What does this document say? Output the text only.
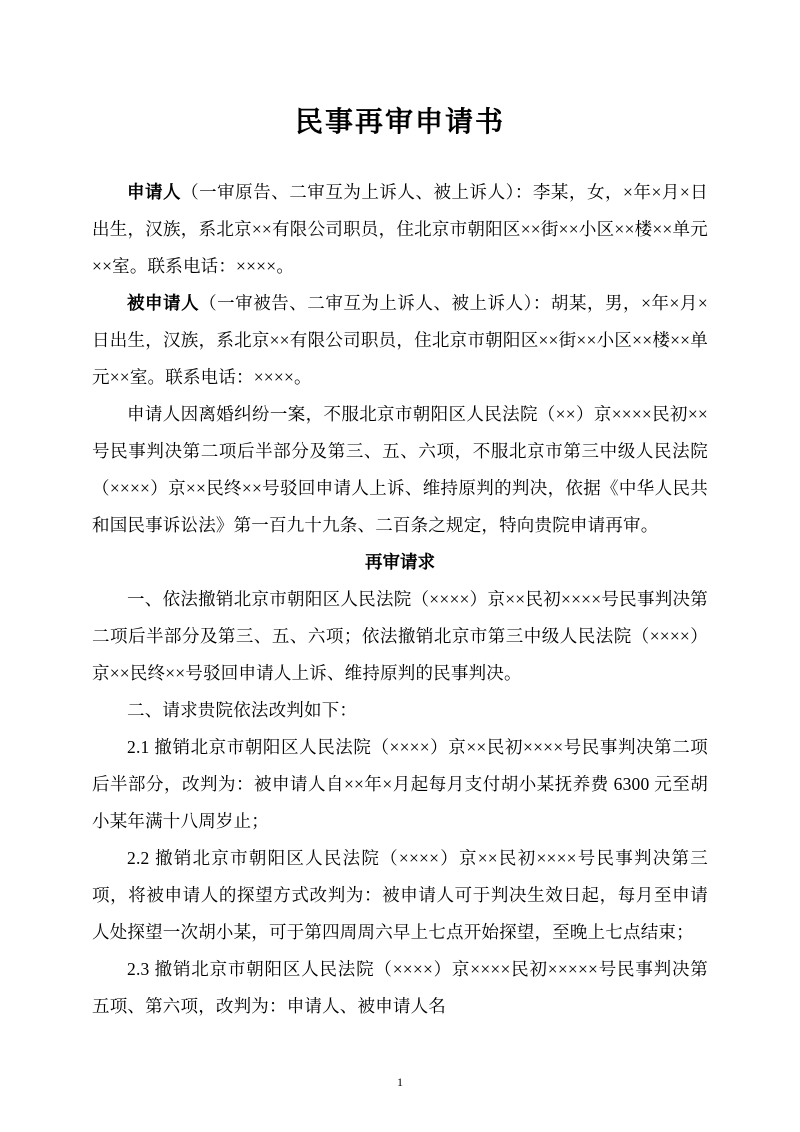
民事再审申请书

申请人（一审原告、二审互为上诉人、被上诉人）：李某，女，×年×月×日出生，汉族，系北京××有限公司职员，住北京市朝阳区××街××小区××楼××单元××室。联系电话：××××。

被申请人（一审被告、二审互为上诉人、被上诉人）：胡某，男，×年×月×日出生，汉族，系北京××有限公司职员，住北京市朝阳区××街××小区××楼××单元××室。联系电话：××××。

申请人因离婚纠纷一案，不服北京市朝阳区人民法院（××）京××××民初××号民事判决第二项后半部分及第三、五、六项，不服北京市第三中级人民法院（××××）京××民终××号驳回申请人上诉、维持原判的判决，依据《中华人民共和国民事诉讼法》第一百九十九条、二百条之规定，特向贵院申请再审。

再审请求

一、依法撤销北京市朝阳区人民法院（××××）京××民初××××号民事判决第二项后半部分及第三、五、六项；依法撤销北京市第三中级人民法院（××××）京××民终××号驳回申请人上诉、维持原判的民事判决。

二、请求贵院依法改判如下：

2.1 撤销北京市朝阳区人民法院（××××）京××民初××××号民事判决第二项后半部分，改判为：被申请人自××年×月起每月支付胡小某抚养费 6300 元至胡小某年满十八周岁止；

2.2 撤销北京市朝阳区人民法院（××××）京××民初××××号民事判决第三项，将被申请人的探望方式改判为：被申请人可于判决生效日起，每月至申请人处探望一次胡小某，可于第四周周六早上七点开始探望，至晚上七点结束；

2.3 撤销北京市朝阳区人民法院（××××）京××××民初×××××号民事判决第五项、第六项，改判为：申请人、被申请人名

1
